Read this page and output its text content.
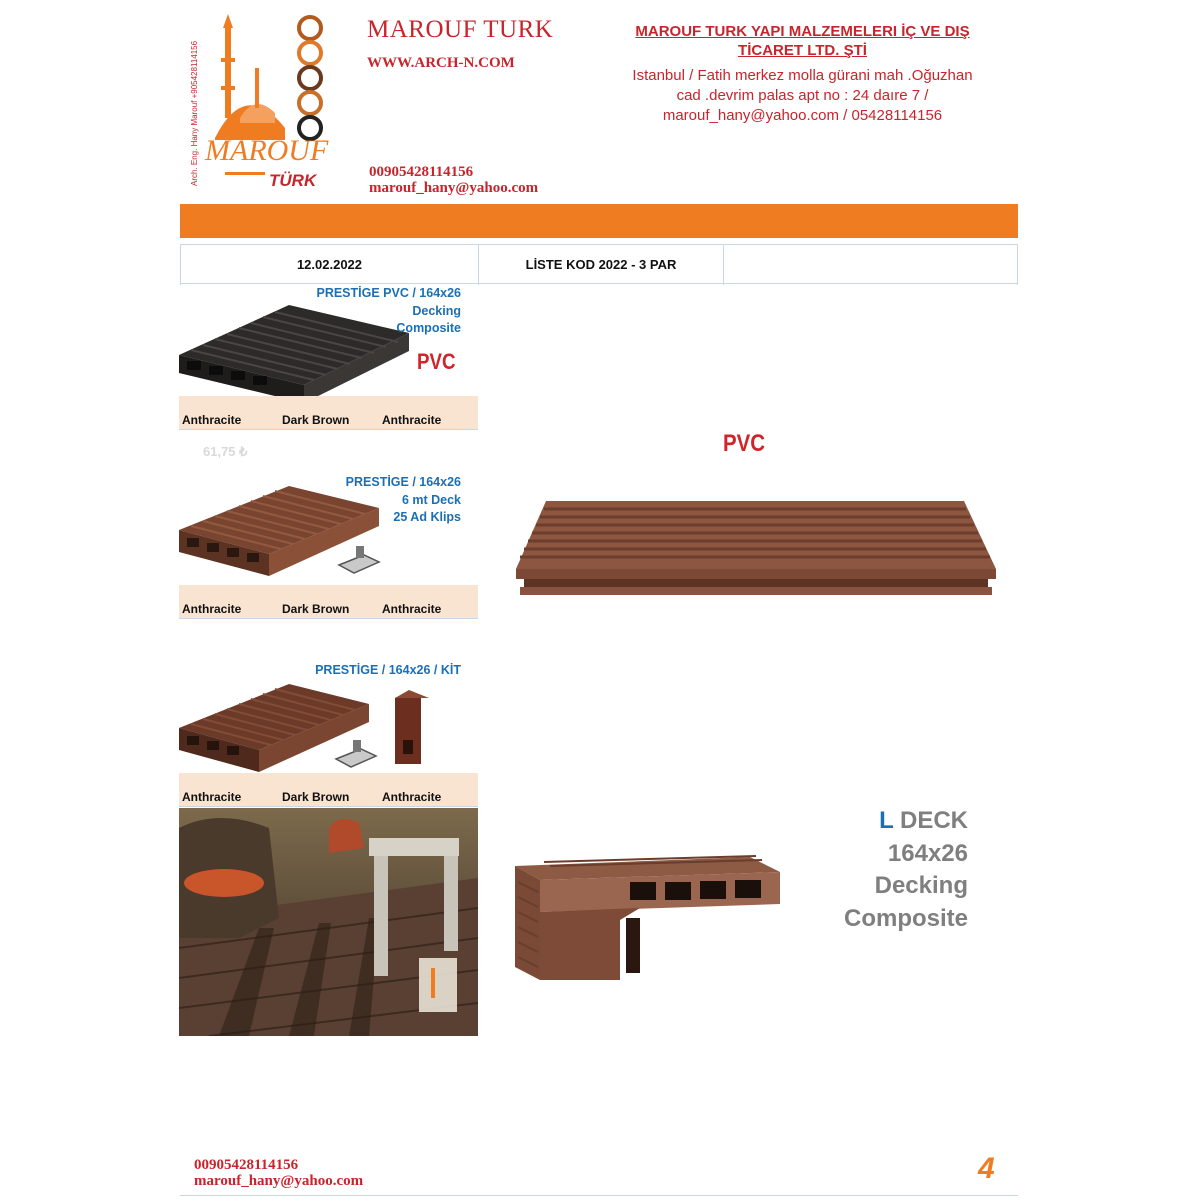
Arch. Eng. Hany Marouf +905428114156 MAROUF
TÜRK
MAROUF TURK
WWW.ARCH-N.COM
00905428114156
marouf_hany@yahoo.com
MAROUF TURK YAPI MALZEMELERI İÇ VE DIŞ
TİCARET LTD. ŞTİ
Istanbul / Fatih merkez molla gürani mah .Oğuzhan
cad .devrim palas apt no : 24 daıre 7 /
marouf_hany@yahoo.com / 05428114156
12.02.2022	LİSTE KOD 2022 - 3 PAR
PRESTİGE PVC / 164x26
Decking
Composite
PVC
Anthracite	Dark Brown	Anthracite
61,75 ₺
PRESTİGE / 164x26
6 mt Deck
25 Ad Klips
Anthracite	Dark Brown	Anthracite
PRESTİGE / 164x26 / KİT
Anthracite	Dark Brown	Anthracite
PVC
L DECK
164x26
Decking
Composite
00905428114156
marouf_hany@yahoo.com	4
